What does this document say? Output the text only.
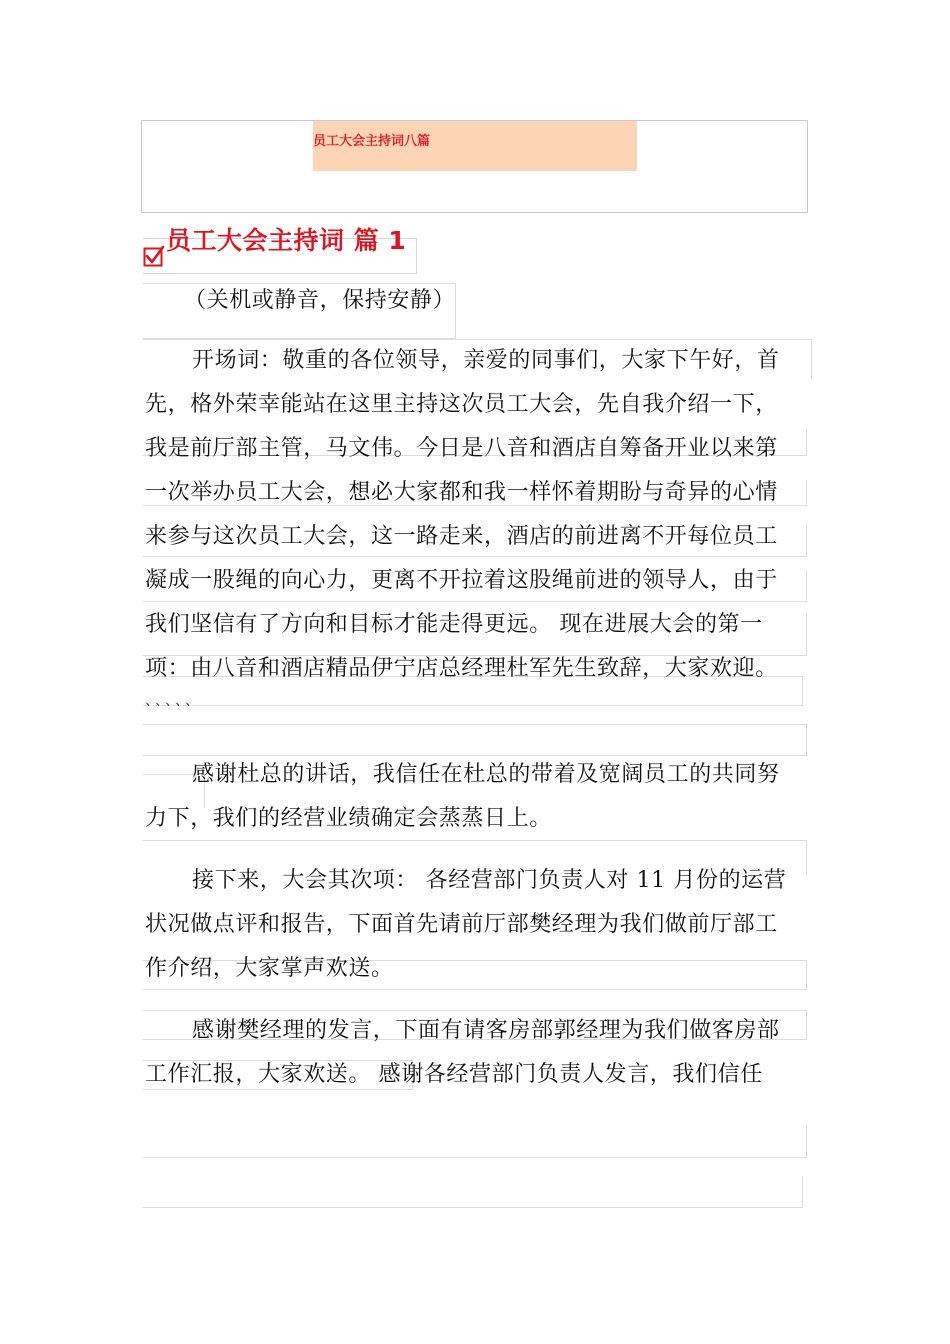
员工大会主持词八篇
员工大会主持词 篇 1
（关机或静音，保持安静）
开场词：敬重的各位领导，亲爱的同事们，大家下午好，首
先，格外荣幸能站在这里主持这次员工大会，先自我介绍一下，
我是前厅部主管，马文伟。今日是八音和酒店自筹备开业以来第
一次举办员工大会，想必大家都和我一样怀着期盼与奇异的心情
来参与这次员工大会，这一路走来，酒店的前进离不开每位员工
凝成一股绳的向心力，更离不开拉着这股绳前进的领导人，由于
我们坚信有了方向和目标才能走得更远。 现在进展大会的第一
项：由八音和酒店精品伊宁店总经理杜军先生致辞，大家欢迎。
、、、、、
感谢杜总的讲话，我信任在杜总的带着及宽阔员工的共同努
力下，我们的经营业绩确定会蒸蒸日上。
接下来，大会其次项： 各经营部门负责人对 11 月份的运营
状况做点评和报告，下面首先请前厅部樊经理为我们做前厅部工
作介绍，大家掌声欢送。
感谢樊经理的发言，下面有请客房部郭经理为我们做客房部
工作汇报，大家欢送。 感谢各经营部门负责人发言，我们信任
